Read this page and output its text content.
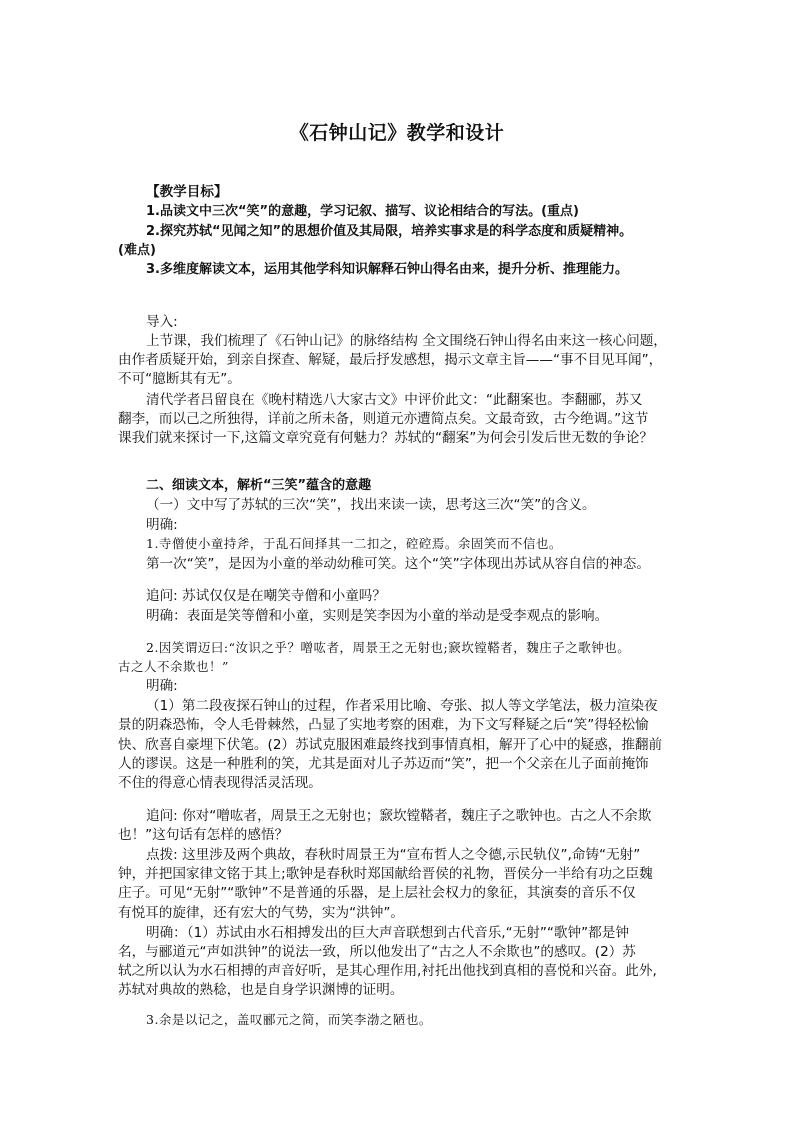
《石钟山记》教学和设计
【教学目标】
1.品读文中三次“笑”的意趣，学习记叙、描写、议论相结合的写法。(重点)
2.探究苏轼“见闻之知”的思想价值及其局限，培养实事求是的科学态度和质疑精神。
(难点)
3.多维度解读文本，运用其他学科知识解释石钟山得名由来，提升分析、推理能力。
导入:
上节课，我们梳理了《石钟山记》的脉络结构 全文围绕石钟山得名由来这一核心问题，
由作者质疑开始，到亲自探查、解疑，最后抒发感想，揭示文章主旨——“事不目见耳闻”，
不可“臆断其有无”。
清代学者吕留良在《晚村精选八大家古文》中评价此文：“此翻案也。李翻郦，苏又
翻李，而以己之所独得，详前之所未备，则道元亦遭简点矣。文最奇致，古今绝调。”这节
课我们就来探讨一下,这篇文章究竟有何魅力？苏轼的“翻案”为何会引发后世无数的争论？
二、细读文本，解析“三笑”蕴含的意趣
（一）文中写了苏轼的三次“笑”，找出来读一读，思考这三次“笑”的含义。
明确:
1.寺僧使小童持斧，于乱石间择其一二扣之，硿硿焉。余固笑而不信也。
第一次“笑”，是因为小童的举动幼稚可笑。这个“笑”字体现出苏试从容自信的神态。
追问: 苏试仅仅是在嘲笑寺僧和小童吗？
明确：表面是笑等僧和小童，实则是笑李因为小童的举动是受李观点的影响。
2.因笑谓迈曰:“汝识之乎？噌吰者，周景王之无射也;窾坎镗鞳者，魏庄子之歌钟也。
古之人不余欺也！”
明确:
（1）第二段夜探石钟山的过程，作者采用比喻、夸张、拟人等文学笔法，极力渲染夜
景的阴森恐怖，令人毛骨棘然，凸显了实地考察的困难，为下文写释疑之后“笑”得轻松愉
快、欣喜自豪埋下伏笔。(2）苏试克服困难最终找到事情真相，解开了心中的疑惑，推翻前
人的谬误。这是一种胜利的笑，尤其是面对儿子苏迈而“笑”，把一个父亲在儿子面前掩饰
不住的得意心情表现得活灵活现。
追问: 你对“噌吰者，周景王之无射也；窾坎镗鞳者，魏庄子之歌钟也。古之人不余欺
也！”这句话有怎样的感悟？
点拨: 这里涉及两个典故，春秋时周景王为“宣布哲人之令德,示民轨仪”,命铸“无射”
钟，并把国家律文铭于其上;歌钟是春秋时郑国献给晋侯的礼物，晋侯分一半给有功之臣魏
庄子。可见“无射”“歌钟”不是普通的乐器，是上层社会权力的象征，其演奏的音乐不仅
有悦耳的旋律，还有宏大的气势，实为“洪钟”。
明确：（1）苏试由水石相搏发出的巨大声音联想到古代音乐,“无射”“歌钟”都是钟
名，与郦道元“声如洪钟”的说法一致，所以他发出了“古之人不余欺也”的感叹。(2）苏
轼之所以认为水石相搏的声音好听，是其心理作用,衬托出他找到真相的喜悦和兴奋。此外,
苏轼对典故的熟稔，也是自身学识渊博的证明。
3.余是以记之，盖叹郦元之简，而笑李渤之陋也。
